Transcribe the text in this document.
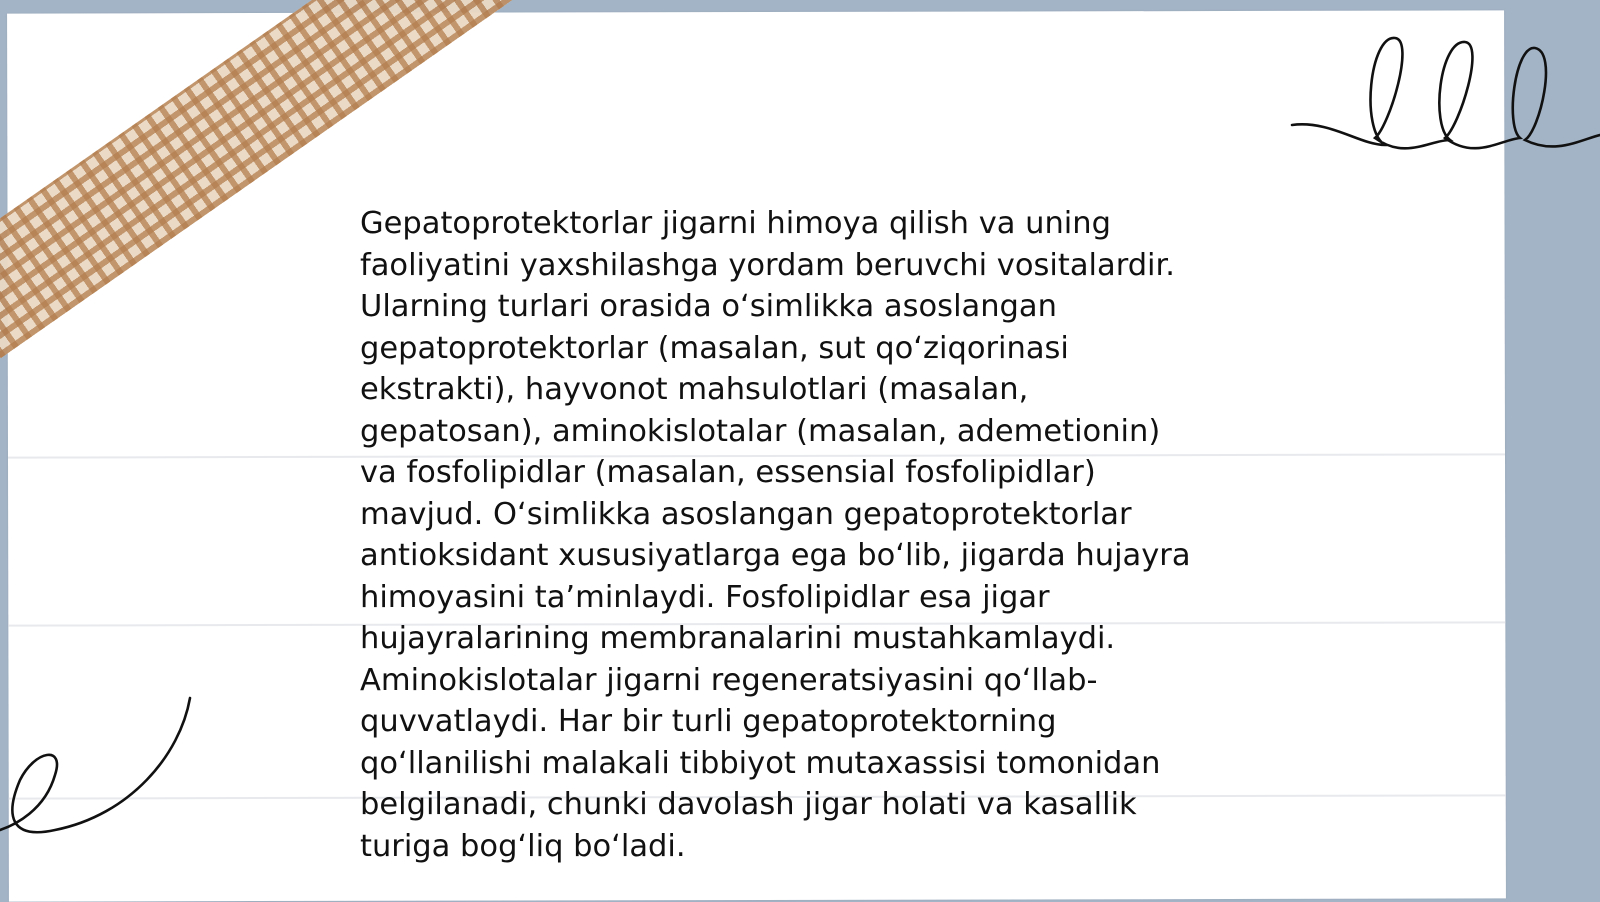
Gepatoprotektorlar jigarni himoya qilish va uning
faoliyatini yaxshilashga yordam beruvchi vositalardir.
Ularning turlari orasida o‘simlikka asoslangan
gepatoprotektorlar (masalan, sut qo‘ziqorinasi
ekstrakti), hayvonot mahsulotlari (masalan,
gepatosan), aminokislotalar (masalan, ademetionin)
va fosfolipidlar (masalan, essensial fosfolipidlar)
mavjud. O‘simlikka asoslangan gepatoprotektorlar
antioksidant xususiyatlarga ega bo‘lib, jigarda hujayra
himoyasini ta’minlaydi. Fosfolipidlar esa jigar
hujayralarining membranalarini mustahkamlaydi.
Aminokislotalar jigarni regeneratsiyasini qo‘llab-
quvvatlaydi. Har bir turli gepatoprotektorning
qo‘llanilishi malakali tibbiyot mutaxassisi tomonidan
belgilanadi, chunki davolash jigar holati va kasallik
turiga bog‘liq bo‘ladi.
